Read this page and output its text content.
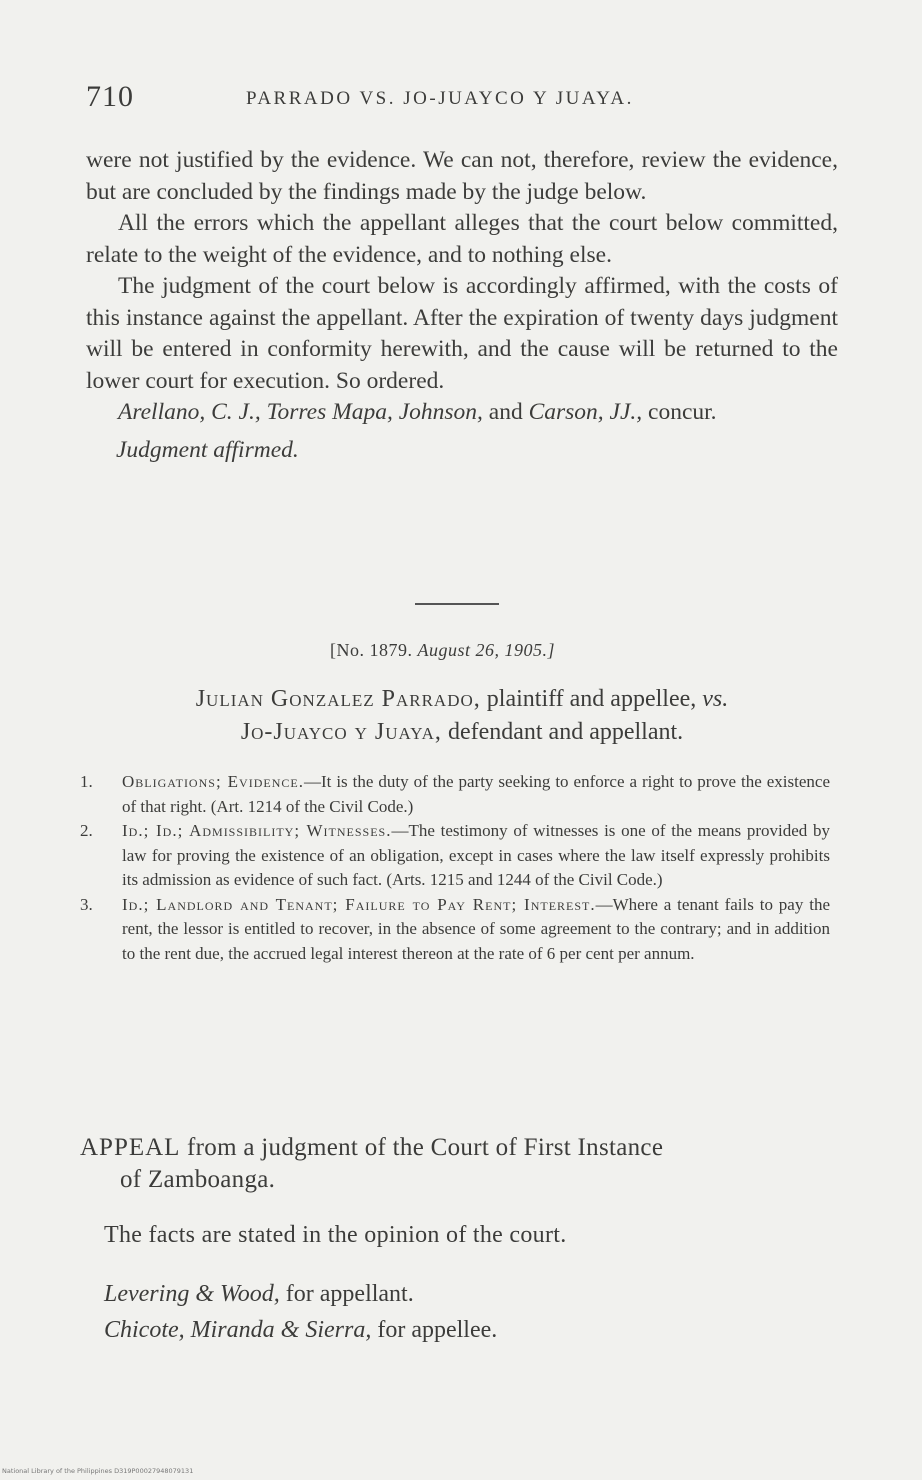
710	PARRADO VS. JO-JUAYCO Y JUAYA.

were not justified by the evidence. We can not, therefore, review the evidence, but are concluded by the findings made by the judge below.

All the errors which the appellant alleges that the court below committed, relate to the weight of the evidence, and to nothing else.

The judgment of the court below is accordingly affirmed, with the costs of this instance against the appellant. After the expiration of twenty days judgment will be entered in conformity herewith, and the cause will be returned to the lower court for execution. So ordered.

Arellano, C. J., Torres Mapa, Johnson, and Carson, JJ., concur.

Judgment affirmed.

[No. 1879. August 26, 1905.]
Julian Gonzalez Parrado, plaintiff and appellee, vs.
Jo-Juayco y Juaya, defendant and appellant.
1. Obligations; Evidence.—It is the duty of the party seeking to enforce a right to prove the existence of that right. (Art. 1214 of the Civil Code.)
2. Id.; Id.; Admissibility; Witnesses.—The testimony of witnesses is one of the means provided by law for proving the existence of an obligation, except in cases where the law itself expressly prohibits its admission as evidence of such fact. (Arts. 1215 and 1244 of the Civil Code.)
3. Id.; Landlord and Tenant; Failure to Pay Rent; Interest.—Where a tenant fails to pay the rent, the lessor is entitled to recover, in the absence of some agreement to the contrary; and in addition to the rent due, the accrued legal interest thereon at the rate of 6 per cent per annum.
APPEAL from a judgment of the Court of First Instance
of Zamboanga.
The facts are stated in the opinion of the court.
Levering & Wood, for appellant.
Chicote, Miranda & Sierra, for appellee.
National Library of the Philippines D319P00027948079131
